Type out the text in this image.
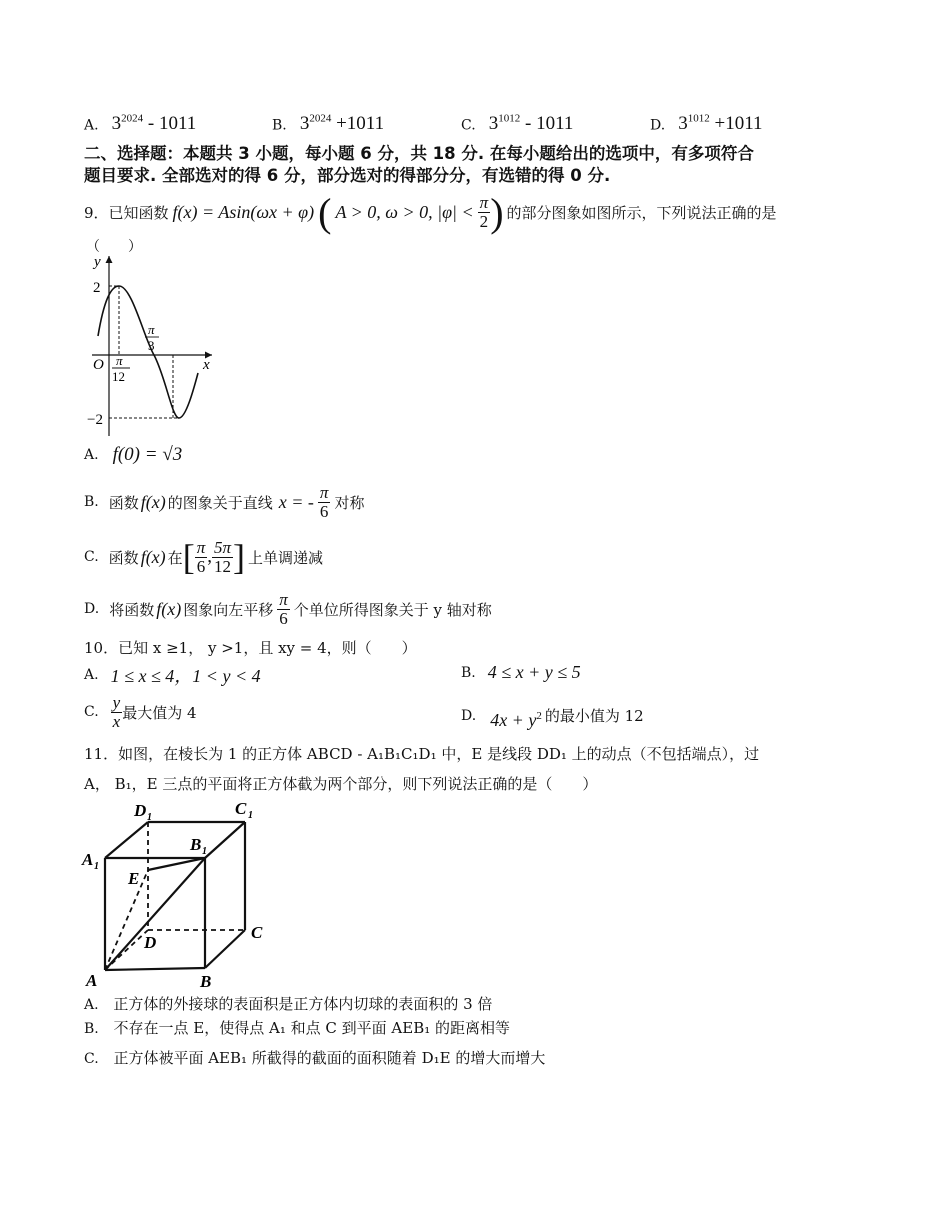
A. $3^{2024} - 1011$	B. $3^{2024} +1011$	C. $3^{1012} - 1011$	D. $3^{1012} +1011$
二、选择题：本题共 3 小题，每小题 6 分，共 18 分. 在每小题给出的选项中，有多项符合
题目要求. 全部选对的得 6 分，部分选对的得部分分，有选错的得 0 分.
9．已知函数 f(x) = Asin(ωx + φ) ( A > 0, ω > 0, $|\varphi| < \frac{\pi}{2}$ ) 的部分图象如图所示，下列说法正确的是
（　　）
y
x
O
2
−2
π
12
π
3
A. f(0) = √3
B. 函数 f(x) 的图象关于直线 x = - $\frac{\pi}{6}$ 对称
C. 函数 f(x) 在 [ $\frac{\pi}{6}$ , $\frac{5\pi}{12}$ ] 上单调递减
D. 将函数 f(x) 图象向左平移 $\frac{\pi}{6}$ 个单位所得图象关于 y 轴对称
10．已知 x ≥1， y >1，且 xy = 4，则（　　）
A. 1 ≤ x ≤ 4，1 < y < 4	B. 4 ≤ x + y ≤ 5
C. $\frac{y}{x}$ 最大值为 4	D. $4x + y^2$ 的最小值为 12
11．如图，在棱长为 1 的正方体 ABCD - A₁B₁C₁D₁ 中，E 是线段 DD₁ 上的动点（不包括端点），过
A， B₁，E 三点的平面将正方体截为两个部分，则下列说法正确的是（　　）
D 1	C 1
A 1
B 1
E
D
C
A	B
A. 正方体的外接球的表面积是正方体内切球的表面积的 3 倍
B. 不存在一点 E，使得点 A₁ 和点 C 到平面 AEB₁ 的距离相等
C. 正方体被平面 AEB₁ 所截得的截面的面积随着 D₁E 的增大而增大
